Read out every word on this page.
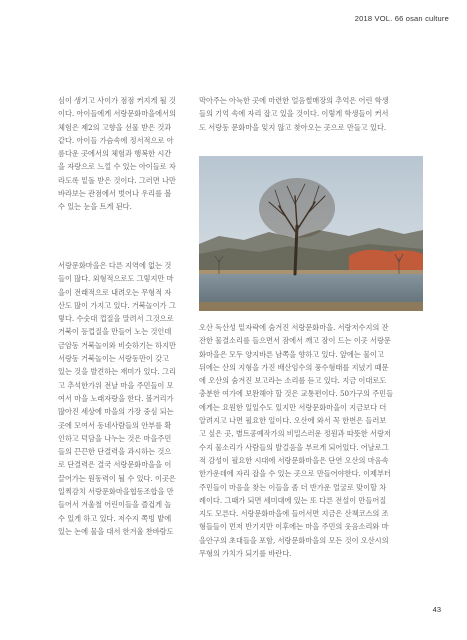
2018 VOL. 66 osan culture
심이 생기고 사이가 점점 커지게 될 것
이다. 아이들에게 서랑문화마을에서의
체험은 제2의 고향을 선물 받은 것과
같다. 아이들 가슴속에 정서적으로 아
름다운 곳에서의 체험과 행복한 시간
을 자랑으로 느낄 수 있는 아이들로 자
라도록 밑돌 받은 것이다. 그러면 나만
바라보는 관점에서 벗어나 우리를 볼
수 있는 눈을 트게 된다.
서랑문화마을은 다른 지역에 없는 것
들이 많다. 외형적으로도 그렇지만 마
을이 전래적으로 내려오는 무형적 자
산도 많이 가지고 있다. 거북놀이가 그
렇다. 수숫대 껍질을 말려서 그것으로
거북이 등껍질을 만들어 노는 것인데
금암동 거북놀이와 비슷하기는 하지만
서랑동 거북놀이는 서랑동만이 갖고
있는 것을 발견하는 재미가 있다. 그리
고 추석한가위 전날 마을 주민들이 모
여서 마을 노래자랑을 한다. 볼거리가
많아진 세상에 마을의 가장 중심 되는
곳에 모여서 동네사람들의 안부를 확
인하고 덕담을 나누는 것은 마을주민
들의 끈끈한 단결력을 과시하는 것으
로 단결력은 결국 서랑문화마을을 이
끌어가는 원동력이 될 수 있다. 이곳은
일찍감치 서랑문화마을협동조합을 만
들어서 겨울철 어린이들을 즐겁게 놀
수 있게 하고 있다. 저수지 쪽빙 밭에
있는 논에 물을 대서 한겨울 찬바람도
막아주는 아늑한 곳에 마련한 얼음썰매장의 추억은 어린 학생
들의 기억 속에 자리 잡고 있을 것이다. 이렇게 학생들이 커서
도 서랑동 문화마을 잊지 않고 찾아오는 곳으로 만들고 있다.
오산 독산성 밑자락에 숨겨진 서랑문화마을. 서랑저수지의 잔
잔한 물결소리를 들으면서 잠에서 깨고 잠이 드는 이곳 서랑문
화마을은 모두 양지바른 남쪽을 향하고 있다. 앞에는 물이고
뒤에는 산의 지형을 가진 배산임수의 풍수형태를 지녔기 때문
에 오산의 숨겨진 보고라는 소리를 듣고 있다. 지금 이대로도
충분한 여가에 보완해야 할 것은 교통편이다. 50가구의 주민들
에게는 요원한 일일수도 있지만 서랑문화마을이 지금보다 더
알려지고 나면 필요한 일이다. 오산에 와서 꼭 한번은 들러보
고 싶은 곳, 별트공예작가의 비밀스러운 정원과 따뜻한 서랑저
수지 물소리가 사람들의 발걸음을 부르게 되어있다. 어날로그
적 감성이 필요한 시대에 서랑문화마을은 단연 오산의 마음속
한가운데에 자리 잡을 수 있는 곳으로 만들어야한다. 이제부터
주민들이 마음을 찾는 이들을 좀 더 반가운 얼굴로 맞이할 차
례이다. 그때가 되면 세미대에 있는 또 다른 전설이 만들어질
지도 모른다. 서랑문화마을에 들어서면 지금은 산책코스의 조
형들들이 먼저 반기지만 이후에는 마을 주민의 웃음소리와 마
을안구의 초대들을 포함, 서랑문화마을의 모든 것이 오산시의
무형의 가치가 되기를 바란다.
43
